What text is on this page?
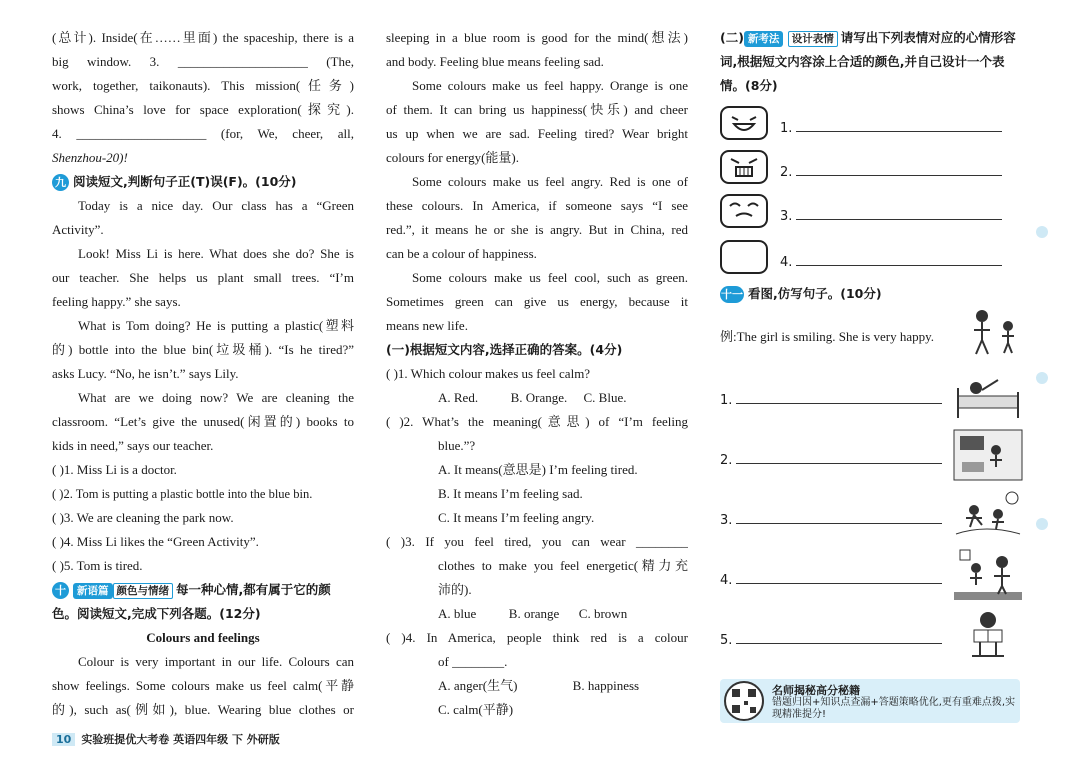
(总计). Inside(在……里面) the spaceship, there is a
big window. 3. ____________________ (The,
work, together, taikonauts). This mission(任务)
shows China’s love for space exploration(探究).
4. ____________________ (for, We, cheer, all,
Shenzhou-20)!
九 阅读短文,判断句子正(T)误(F)。(10分)
Today is a nice day. Our class has a “Green
Activity”.
Look! Miss Li is here. What does she do? She is
our teacher. She helps us plant small trees. “I’m
feeling happy.” she says.
What is Tom doing? He is putting a plastic(塑料
的) bottle into the blue bin(垃圾桶). “Is he tired?”
asks Lucy. “No, he isn’t.” says Lily.
What are we doing now? We are cleaning the
classroom. “Let’s give the unused(闲置的) books to
kids in need,” says our teacher.
( )1. Miss Li is a doctor.
( )2. Tom is putting a plastic bottle into the blue bin.
( )3. We are cleaning the park now.
( )4. Miss Li likes the “Green Activity”.
( )5. Tom is tired.
十 新语篇 颜色与情绪 每一种心情,都有属于它的颜
色。阅读短文,完成下列各题。(12分)
Colours and feelings
Colour is very important in our life. Colours can
show feelings. Some colours make us feel calm(平静
的), such as(例如), blue. Wearing blue clothes or
sleeping in a blue room is good for the mind(想法)
and body. Feeling blue means feeling sad.
Some colours make us feel happy. Orange is one
of them. It can bring us happiness(快乐) and cheer
us up when we are sad. Feeling tired? Wear bright
colours for energy(能量).
Some colours make us feel angry. Red is one of
these colours. In America, if someone says “I see
red.”, it means he or she is angry. But in China, red
can be a colour of happiness.
Some colours make us feel cool, such as green.
Sometimes green can give us energy, because it
means new life.
(一)根据短文内容,选择正确的答案。(4分)
( )1. Which colour makes us feel calm?
A. Red.          B. Orange.     C. Blue.
( )2. What’s the meaning(意思) of “I’m feeling
blue.”?
A. It means(意思是) I’m feeling tired.
B. It means I’m feeling sad.
C. It means I’m feeling angry.
( )3. If you feel tired, you can wear ________
clothes to make you feel energetic(精力充
沛的).
A. blue          B. orange      C. brown
( )4. In America, people think red is a colour
of ________.
A. anger(生气)                 B. happiness
C. calm(平静)
(二) 新考法 设计表情 请写出下列表情对应的心情形容
词,根据短文内容涂上合适的颜色,并自己设计一个表
情。(8分)
1.
2.
3.
4.
十一 看图,仿写句子。(10分)
例:The girl is smiling. She is very happy.
1.
2.
3.
4.
5.
名师揭秘高分秘籍
错题归因+知识点查漏+答题策略优化,更有重难点拨,实现精准提分!
10 实验班提优大考卷 英语四年级 下 外研版
